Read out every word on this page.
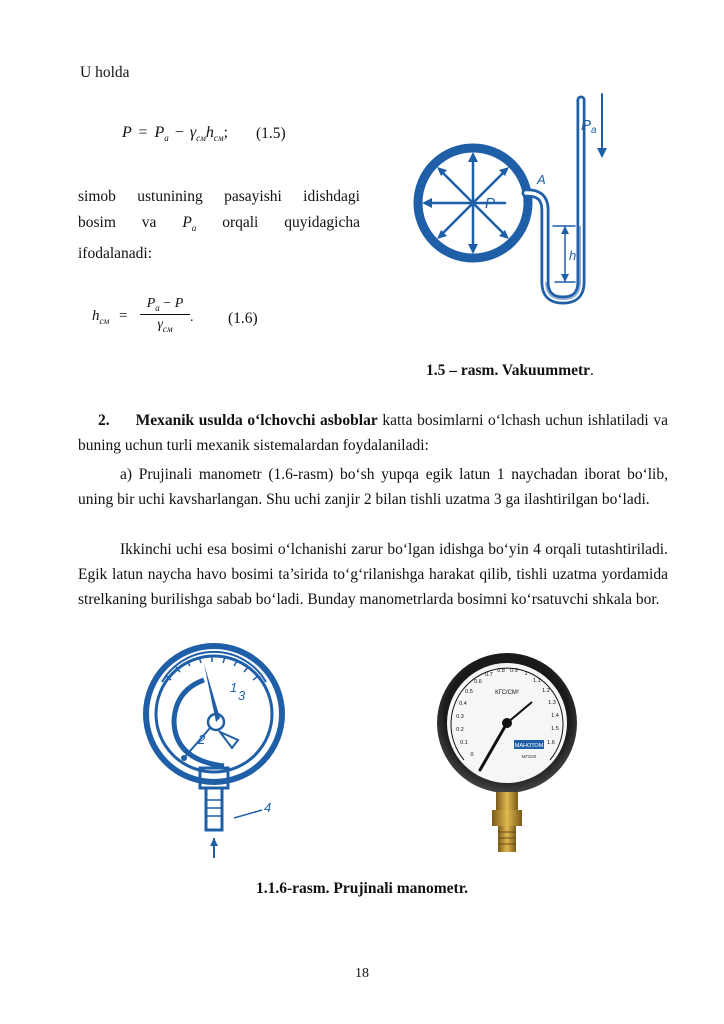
U holda
$P = P_a - \gamma_{см}h_{см}$; (1.5)
simob ustunining pasayishi idishdagi
bosim va $P_a$ orqali quyidagicha
ifodalanadi:
$h_{см}$ =
$P_a - P$
$\gamma_{см}$
. (1.6)
$P_a$
P
A
h
1.5 – rasm. Vakuummetr.
2. Mexanik usulda o‘lchovchi asboblar katta bosimlarni o‘lchash uchun ishlatiladi va buning uchun turli mexanik sistemalardan foydalaniladi:
a) Prujinali manometr (1.6-rasm) bo‘sh yupqa egik latun 1 naychadan iborat bo‘lib, uning bir uchi kavsharlangan. Shu uchi zanjir 2 bilan tishli uzatma 3 ga ilashtirilgan bo‘ladi.
Ikkinchi uchi esa bosimi o‘lchanishi zarur bo‘lgan idishga bo‘yin 4 orqali tutashtiriladi. Egik latun naycha havo bosimi ta’sirida to‘g‘rilanishga harakat qilib, tishli uzatma yordamida strelkaning burilishga sabab bo‘ladi. Bunday manometrlarda bosimni ko‘rsatuvchi shkala bor.
1
2
3
4
0
0.1
0.2
0.3
0.4
0.5
0.6
0.7
0.8 0.9 1
1.1
1.2
1.3
1.4
1.5
1.6
КГС/СМ²
МАНОТОМ
МП100
1.1.6-rasm. Prujinali manometr.
18
